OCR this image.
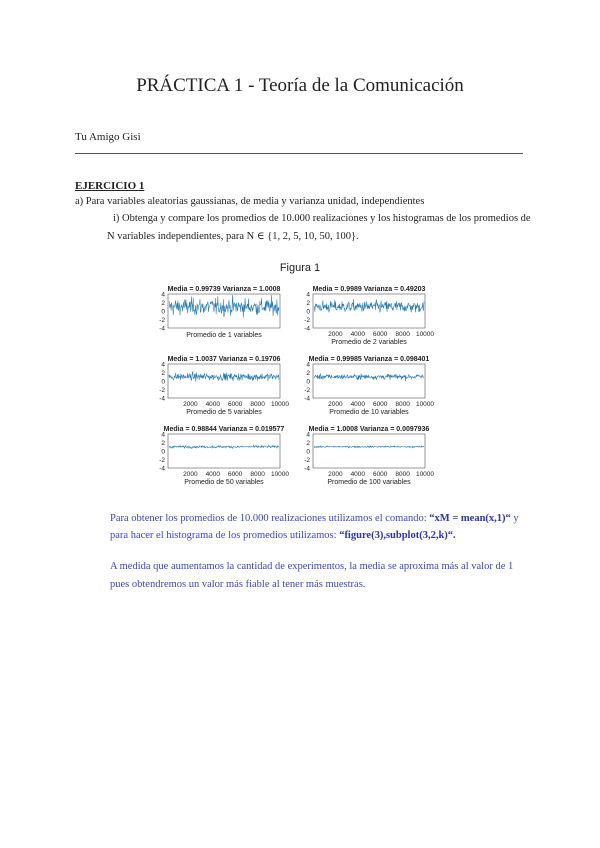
PRÁCTICA 1 - Teoría de la Comunicación
Tu Amigo Gisi
EJERCICIO 1
a) Para variables aleatorias gaussianas, de media y varianza unidad, independientes
i) Obtenga y compare los promedios de 10.000 realizaciones y los histogramas de los promedios de
N variables independientes, para N ∈ {1, 2, 5, 10, 50, 100}.
Figura 1
Media = 0.99739 Varianza = 1.0008
4
2
0
-2
-4
Promedio de 1 variables
Media = 0.9989 Varianza = 0.49203
4
2
0
-2
-4
2000 4000 6000 8000 10000
Promedio de 2 variables
Media = 1.0037 Varianza = 0.19706
4
2
0
-2
-4
2000 4000 6000 8000 10000
Promedio de 5 variables
Media = 0.99985 Varianza = 0.098401
4
2
0
-2
-4
2000 4000 6000 8000 10000
Promedio de 10 variables
Media = 0.98844 Varianza = 0.019577
4
2
0
-2
-4
2000 4000 6000 8000 10000
Promedio de 50 variables
Media = 1.0008 Varianza = 0.0097936
4
2
0
-2
-4
2000 4000 6000 8000 10000
Promedio de 100 variables
Para obtener los promedios de 10.000 realizaciones utilizamos el comando: “xM = mean(x,1)“ y
para hacer el histograma de los promedios utilizamos: “figure(3),subplot(3,2,k)“.
A medida que aumentamos la cantidad de experimentos, la media se aproxima más al valor de 1
pues obtendremos un valor más fiable al tener más muestras.
